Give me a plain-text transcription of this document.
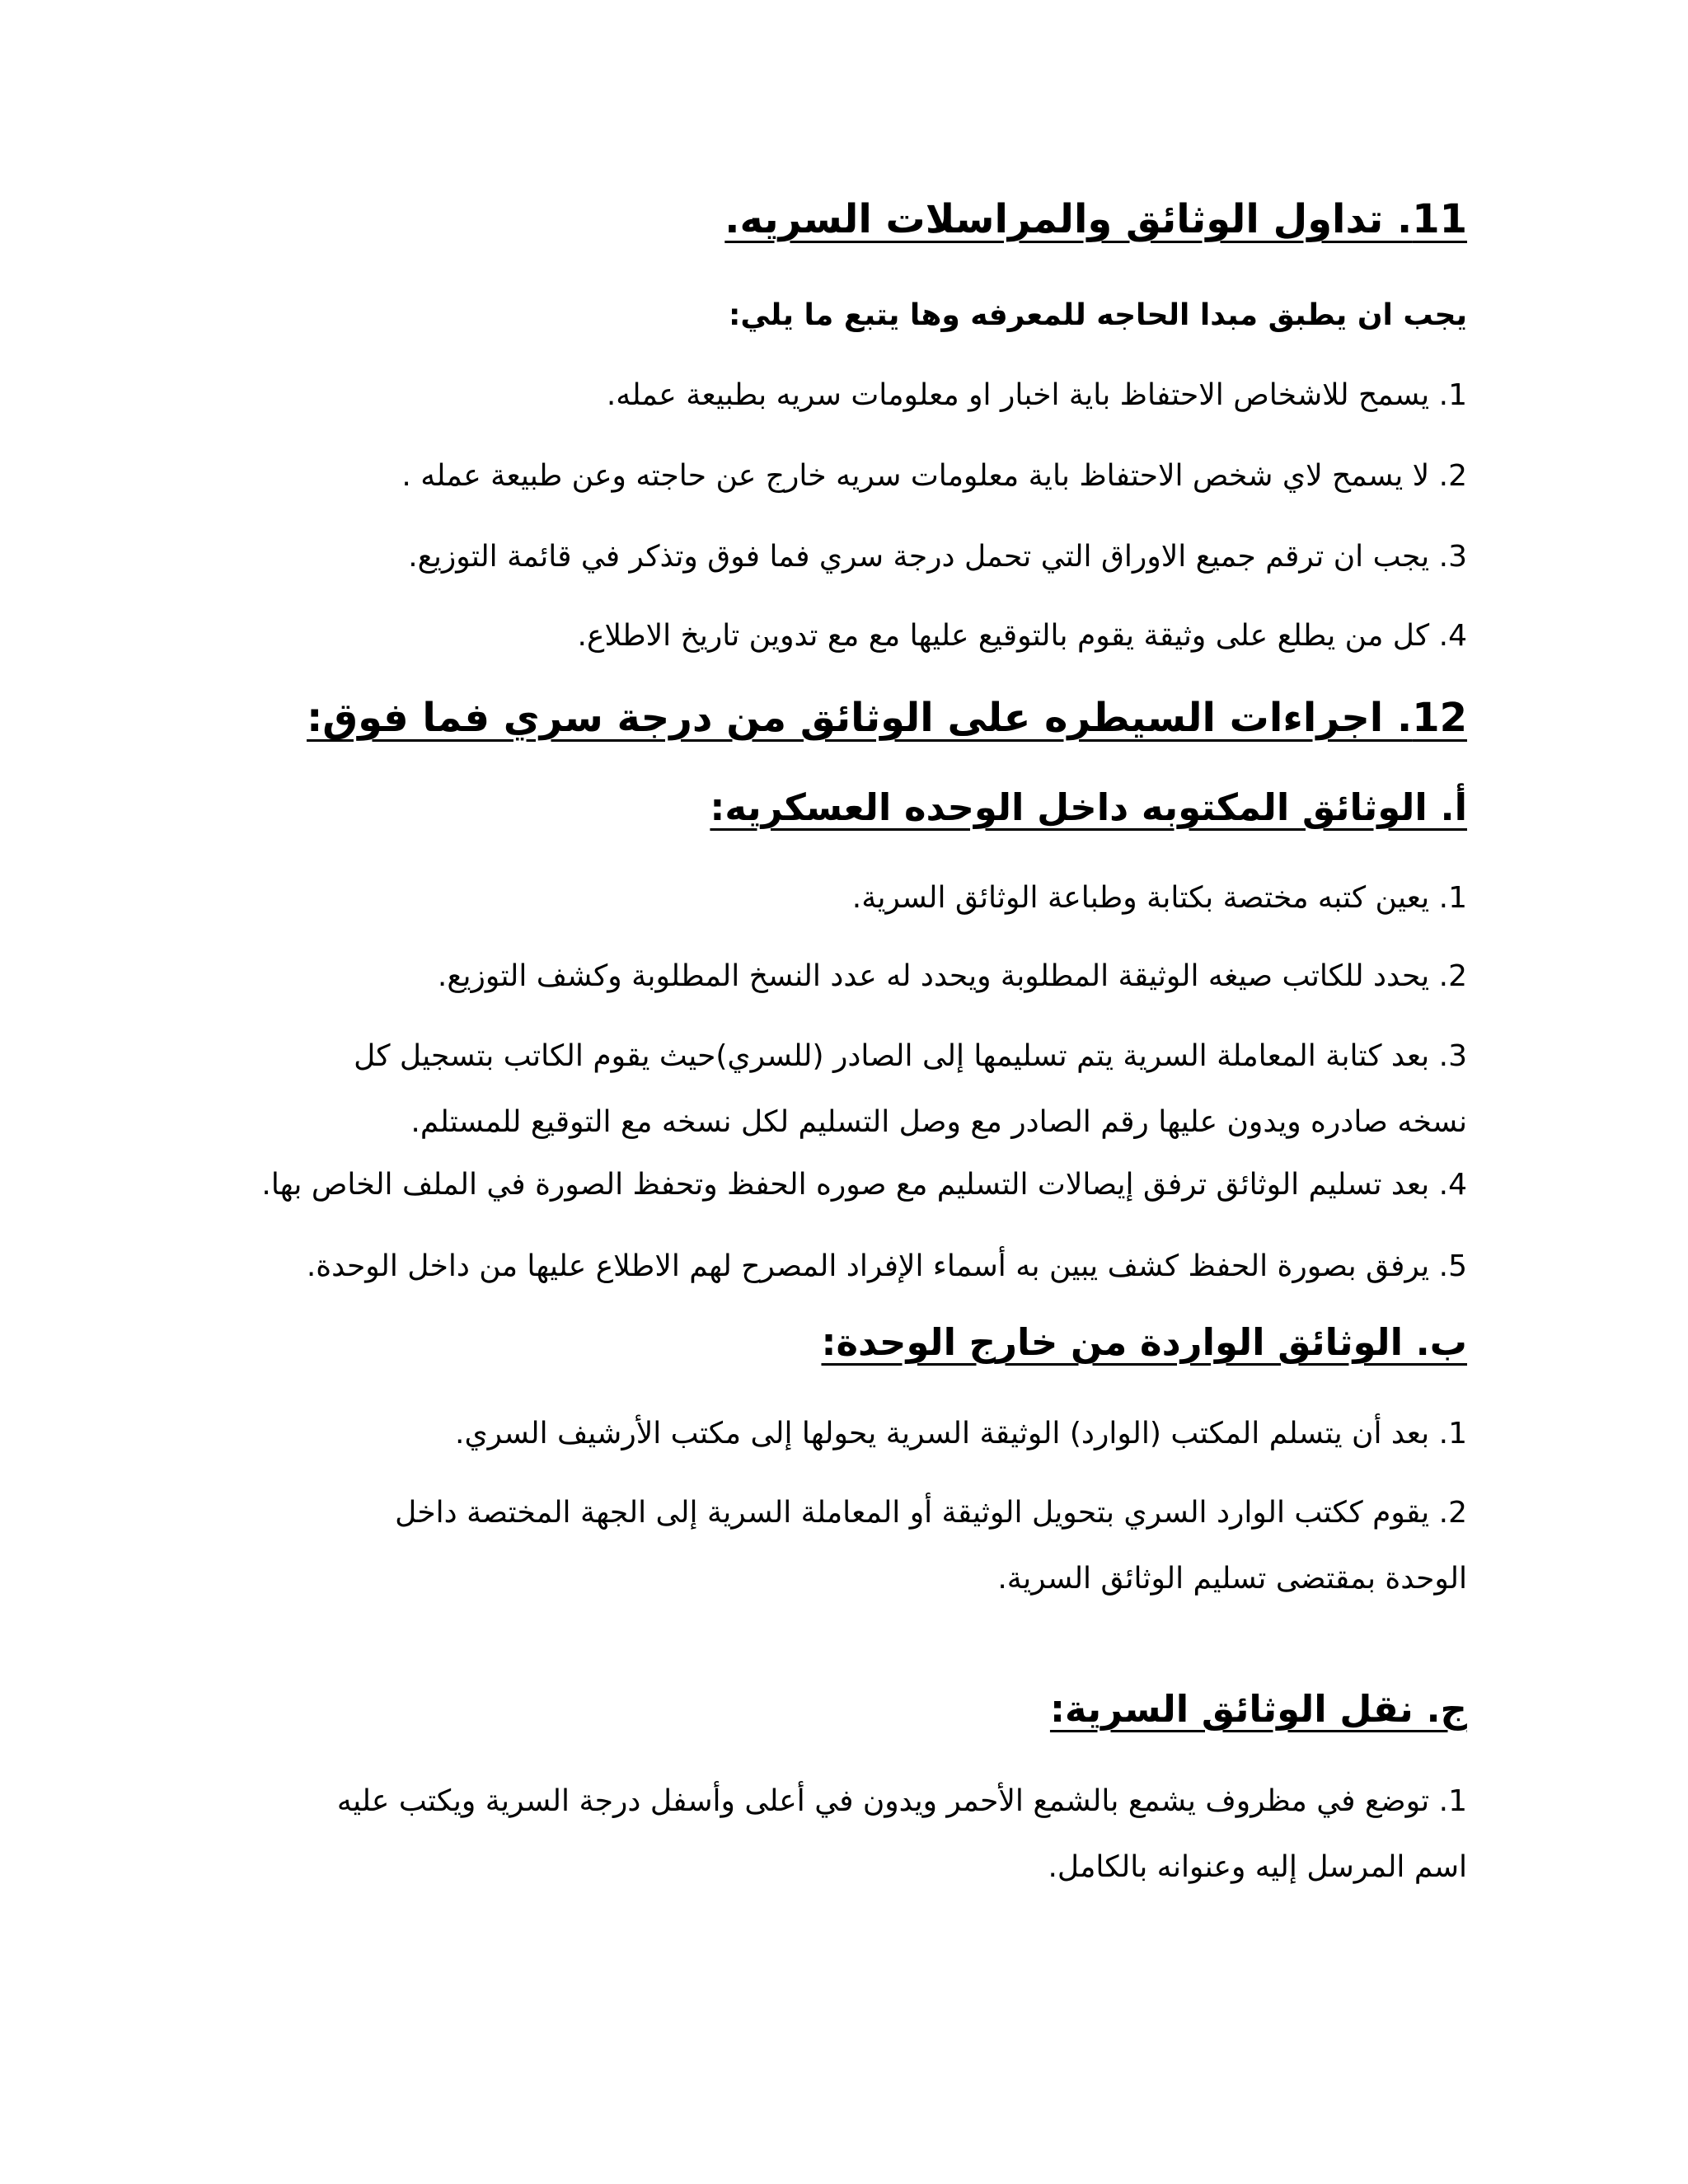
11. تداول الوثائق والمراسلات السريه.

يجب ان يطبق مبدا الحاجه للمعرفه وها يتبع ما يلي:

1. يسمح للاشخاص الاحتفاظ باية اخبار او معلومات سريه بطبيعة عمله.

2. لا يسمح لاي شخص الاحتفاظ باية معلومات سريه خارج عن حاجته وعن طبيعة عمله .

3. يجب ان ترقم جميع الاوراق التي تحمل درجة سري فما فوق وتذكر في قائمة التوزيع.

4. كل من يطلع على وثيقة يقوم بالتوقيع عليها مع مع تدوين تاريخ الاطلاع.

12. اجراءات السيطره على الوثائق من درجة سري فما فوق:
أ. الوثائق المكتوبه داخل الوحده العسكريه:

1. يعين كتبه مختصة بكتابة وطباعة الوثائق السرية.

2. يحدد للكاتب صيغه الوثيقة المطلوبة ويحدد له عدد النسخ المطلوبة وكشف التوزيع.

3. بعد كتابة المعاملة السرية يتم تسليمها إلى الصادر (للسري)حيث يقوم الكاتب بتسجيل كل نسخه صادره ويدون عليها رقم الصادر مع وصل التسليم لكل نسخه مع التوقيع للمستلم.

4. بعد تسليم الوثائق ترفق إيصالات التسليم مع صوره الحفظ وتحفظ الصورة في الملف الخاص بها.

5. يرفق بصورة الحفظ كشف يبين به أسماء الإفراد المصرح لهم الاطلاع عليها من داخل الوحدة.

ب. الوثائق الواردة من خارج الوحدة:

1. بعد أن يتسلم المكتب (الوارد) الوثيقة السرية يحولها إلى مكتب الأرشيف السري.

2. يقوم ككتب الوارد السري بتحويل الوثيقة أو المعاملة السرية إلى الجهة المختصة داخل الوحدة بمقتضى تسليم الوثائق السرية.

ج. نقل الوثائق السرية:

1. توضع في مظروف يشمع بالشمع الأحمر ويدون في أعلى وأسفل درجة السرية ويكتب عليه اسم المرسل إليه وعنوانه بالكامل.
